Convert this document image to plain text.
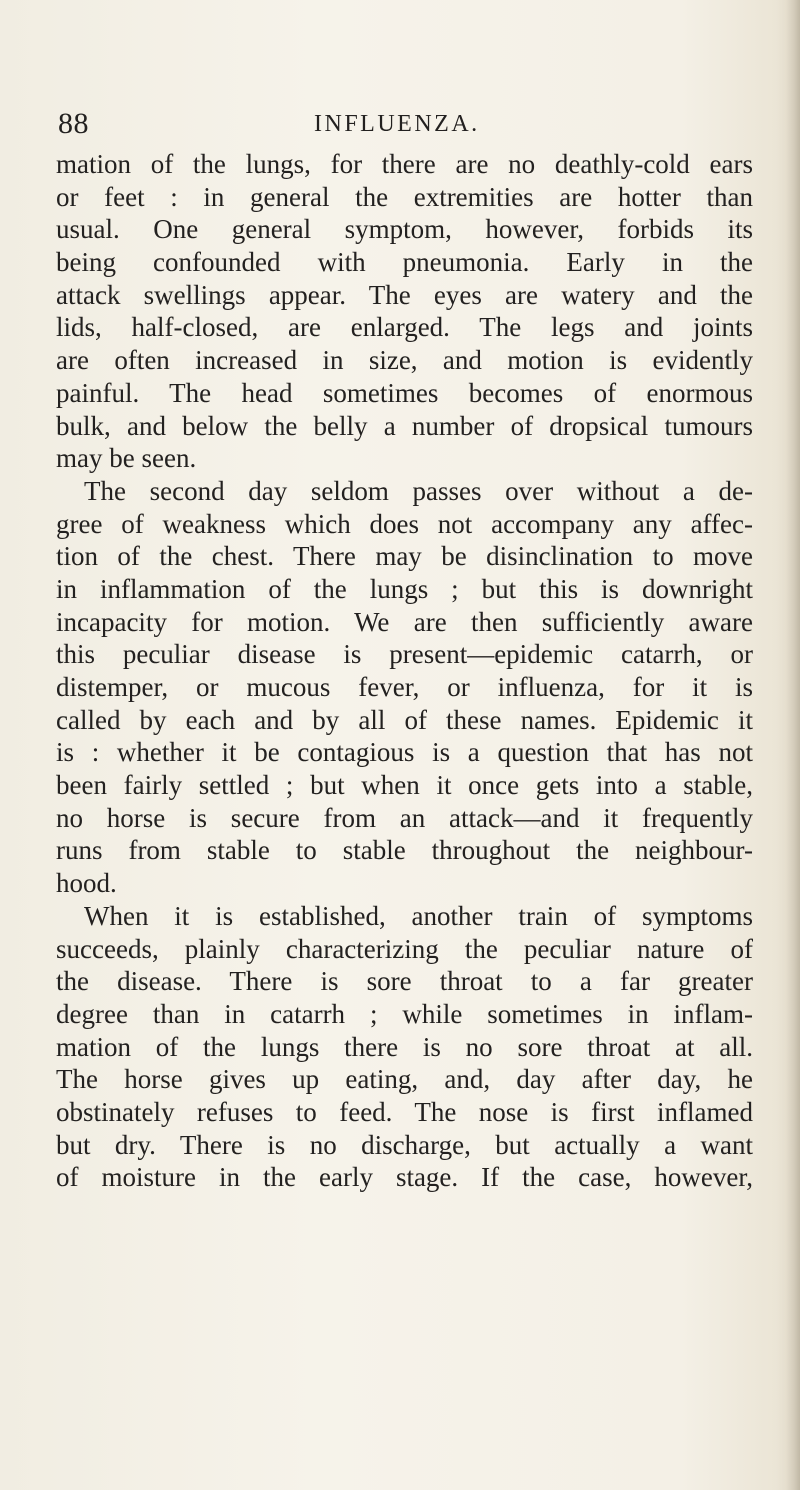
88	INFLUENZA.
mation of the lungs, for there are no deathly-cold ears
or feet : in general the extremities are hotter than
usual. One general symptom, however, forbids its
being confounded with pneumonia. Early in the
attack swellings appear. The eyes are watery and the
lids, half-closed, are enlarged. The legs and joints
are often increased in size, and motion is evidently
painful. The head sometimes becomes of enormous
bulk, and below the belly a number of dropsical tumours
may be seen.
The second day seldom passes over without a de-
gree of weakness which does not accompany any affec-
tion of the chest. There may be disinclination to move
in inflammation of the lungs ; but this is downright
incapacity for motion. We are then sufficiently aware
this peculiar disease is present—epidemic catarrh, or
distemper, or mucous fever, or influenza, for it is
called by each and by all of these names. Epidemic it
is : whether it be contagious is a question that has not
been fairly settled ; but when it once gets into a stable,
no horse is secure from an attack—and it frequently
runs from stable to stable throughout the neighbour-
hood.
When it is established, another train of symptoms
succeeds, plainly characterizing the peculiar nature of
the disease. There is sore throat to a far greater
degree than in catarrh ; while sometimes in inflam-
mation of the lungs there is no sore throat at all.
The horse gives up eating, and, day after day, he
obstinately refuses to feed. The nose is first inflamed
but dry. There is no discharge, but actually a want
of moisture in the early stage. If the case, however,
